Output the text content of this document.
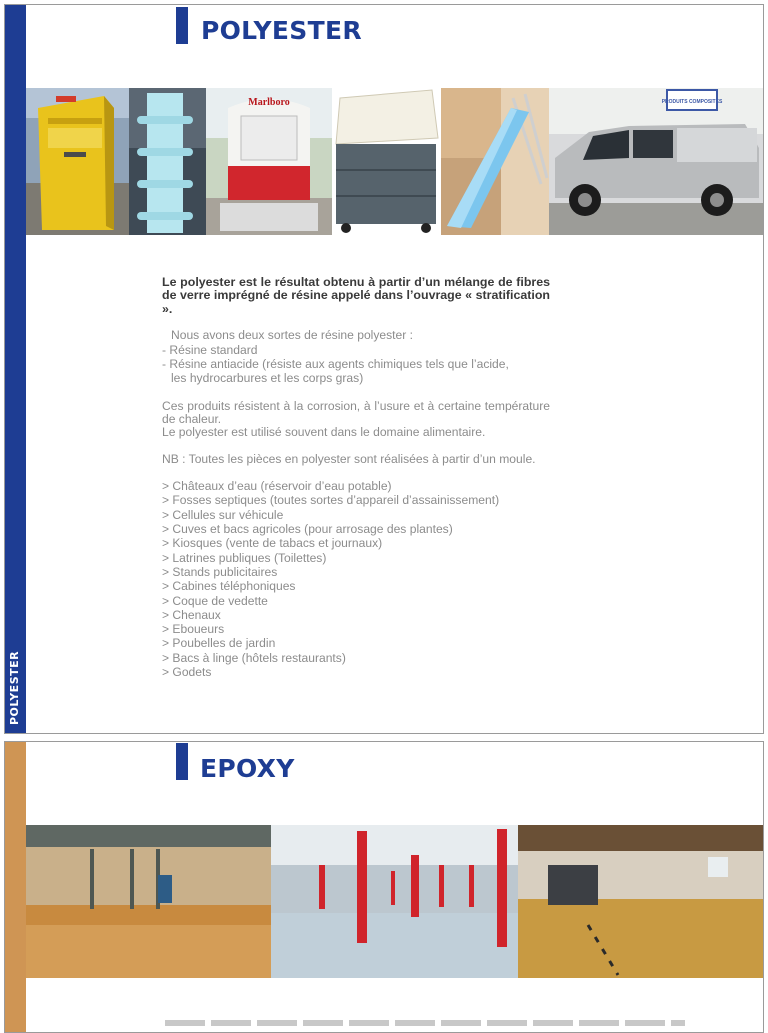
POLYESTER
POLYESTER
Marlboro	PRODUITS COMPOSITES

Le polyester est le résultat obtenu à partir d’un mélange de fibres de verre imprégné de résine appelé dans l’ouvrage « stratification ».

Nous avons deux sortes de résine polyester :
- Résine standard
- Résine antiacide (résiste aux agents chimiques tels que l’acide,
les hydrocarbures et les corps gras)

Ces produits résistent à la corrosion, à l’usure et à certaine température de chaleur.

Le polyester est utilisé souvent dans le domaine alimentaire.

NB : Toutes les pièces en polyester sont réalisées à partir d’un moule.

> Châteaux d’eau (réservoir d’eau potable)
> Fosses septiques (toutes sortes d’appareil d’assainissement)
> Cellules sur véhicule
> Cuves et bacs agricoles (pour arrosage des plantes)
> Kiosques (vente de tabacs et journaux)
> Latrines publiques (Toilettes)
> Stands publicitaires
> Cabines téléphoniques
> Coque de vedette
> Chenaux
> Eboueurs
> Poubelles de jardin
> Bacs à linge (hôtels restaurants)
> Godets
EPOXY
